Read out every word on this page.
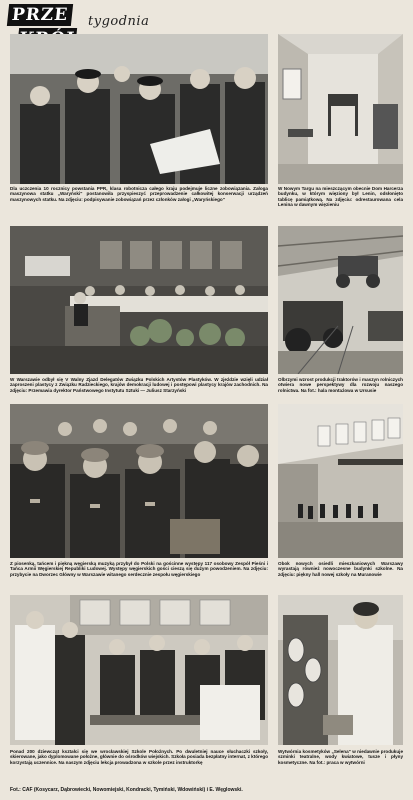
PRZE	tygodnia
Dla uczczenia 10 rocznicy powstania PPR, klasa robotnicza całego kraju podejmuje liczne zobowiązania. Załoga maszynowa statku „Waryński" postanowiła przyspieszyć przeprowadzenie całkowitej konserwacji urządzeń maszynowych statku. Na zdjęciu: podpisywanie zobowiązań przez członków załogi „Waryńskiego"
W Nowym Targu na mieszczącym obecnie Dom Harcerza budynku, w którym więziony był Lenin, odsłonięto tablicę pamiątkową. Na zdjęciu: odrestaurowana cela Lenina w dawnym więzieniu
W Warszawie odbył się V Walny Zjazd Delegatów Związku Polskich Artystów Plastyków. W zjeździe wzięli udział zaproszeni plastycy z Związku Radzieckiego, krajów demokracji ludowej i postępowi plastycy krajów zachodnich. Na zdjęciu: Przemawia dyrektor Państwowego Instytutu Sztuki — Juliusz Starzyński
Olbrzymi wzrost produkcji traktorów i maszyn rolniczych otwiera nowe perspektywy dla rozwoju naszego rolnictwa. Na fot.: hala montażowa w Ursusie
Z piosenką, tańcem i piękną węgierską muzyką przybył do Polski na gościnne występy 117 osobowy Zespół Pieśni i Tańca Armii Węgierskiej Republiki Ludowej. Występy węgierskich gości cieszą się dużym powodzeniem. Na zdjęciu: przybycie na Dworzec Główny w Warszawie witanego serdecznie zespołu węgierskiego
Obok nowych osiedli mieszkaniowych Warszawy wyrastają również nowoczesne budynki szkolne. Na zdjęciu: piękny hall nowej szkoły na Muranowie
Ponad 200 dziewcząt kształci się we wrocławskiej Szkole Położnych. Po dwuletniej nauce słuchaczki szkoły, skierowane, jako dyplomowane położne, głównie do ośrodków wiejskich. Szkoła posiada bezpłatny internat, z którego korzystają uczennice. Na naszym zdjęciu lekcja prowadzona w szkole przez instruktorkę
Wytwórnia kosmetyków „Selena" w niedawnie produkuje szminki teatralne, wody kwiatowe, tusze i płyny kosmetyczne. Na fot.: praca w wytwórni
Fot.: CAF (Kosycarz, Dąbrowiecki, Nowomiejski, Kondracki, Tymiński, Wdowiński) i E. Węglowski.
